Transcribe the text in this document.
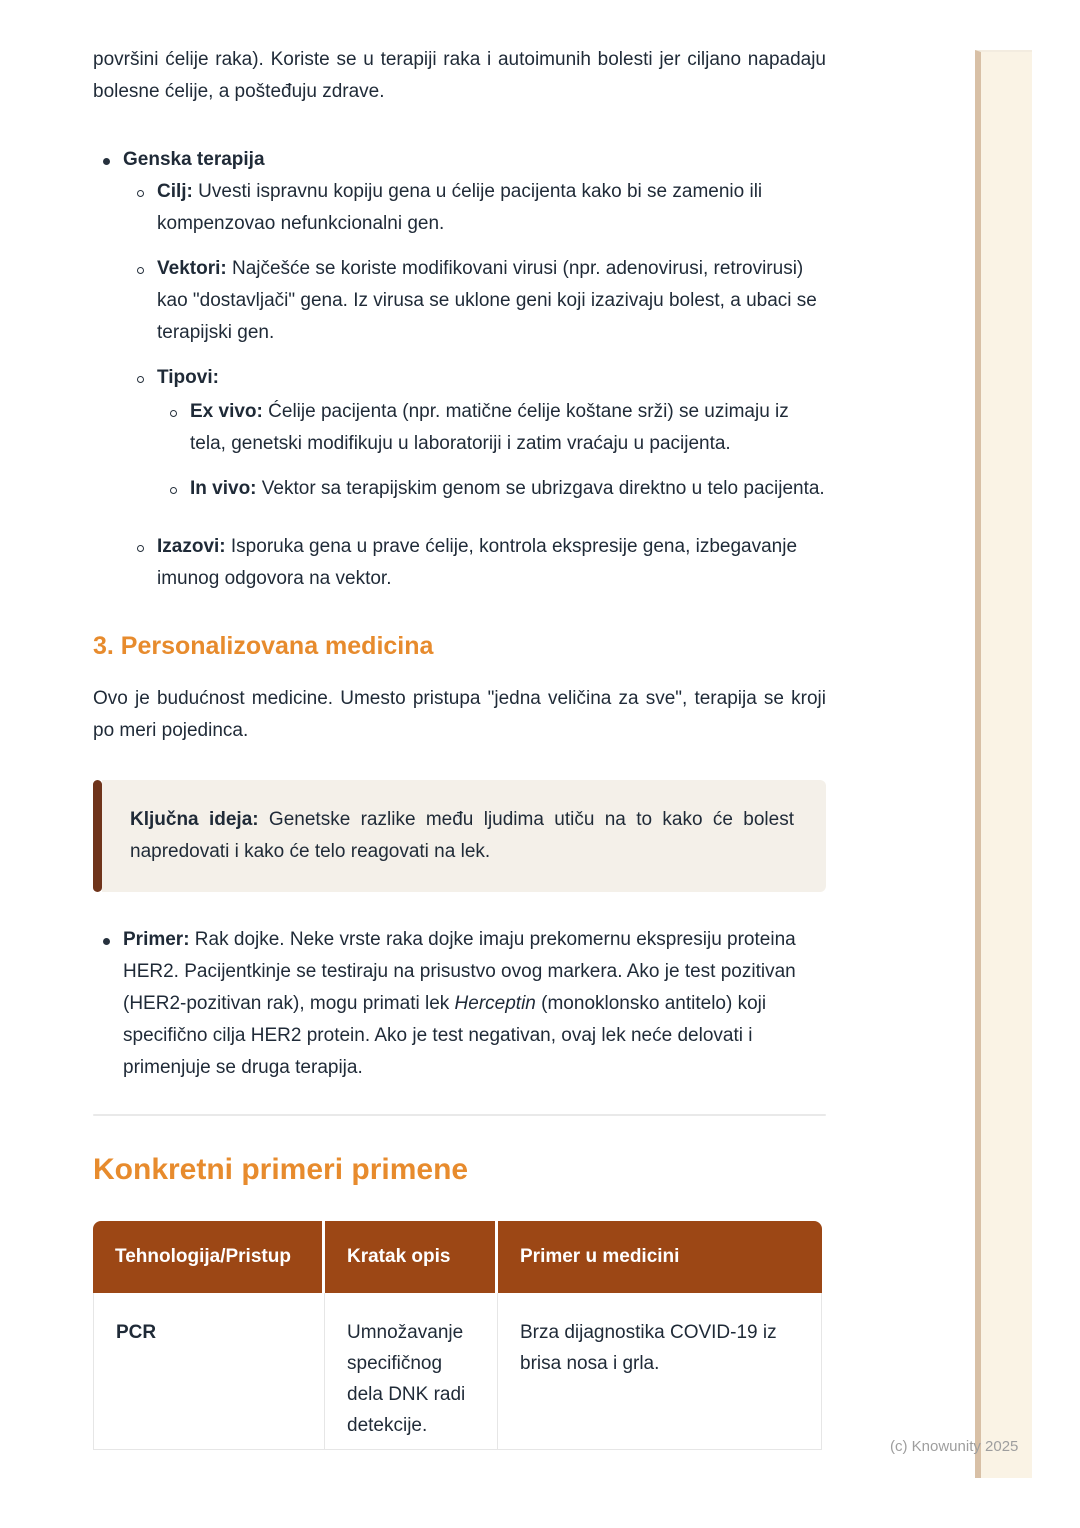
(c) Knowunity 2025

površini ćelije raka). Koriste se u terapiji raka i autoimunih bolesti jer ciljano napadaju bolesne ćelije, a pošteđuju zdrave.

Genska terapija
Cilj: Uvesti ispravnu kopiju gena u ćelije pacijenta kako bi se zamenio ili kompenzovao nefunkcionalni gen.
Vektori: Najčešće se koriste modifikovani virusi (npr. adenovirusi, retrovirusi) kao "dostavljači" gena. Iz virusa se uklone geni koji izazivaju bolest, a ubaci se terapijski gen.
Tipovi:
Ex vivo: Ćelije pacijenta (npr. matične ćelije koštane srži) se uzimaju iz tela, genetski modifikuju u laboratoriji i zatim vraćaju u pacijenta.
In vivo: Vektor sa terapijskim genom se ubrizgava direktno u telo pacijenta.
Izazovi: Isporuka gena u prave ćelije, kontrola ekspresije gena, izbegavanje imunog odgovora na vektor.
3. Personalizovana medicina

Ovo je budućnost medicine. Umesto pristupa "jedna veličina za sve", terapija se kroji po meri pojedinca.

Ključna ideja: Genetske razlike među ljudima utiču na to kako će bolest napredovati i kako će telo reagovati na lek.
Primer: Rak dojke. Neke vrste raka dojke imaju prekomernu ekspresiju proteina HER2. Pacijentkinje se testiraju na prisustvo ovog markera. Ako je test pozitivan (HER2-pozitivan rak), mogu primati lek Herceptin (monoklonsko antitelo) koji specifično cilja HER2 protein. Ako je test negativan, ovaj lek neće delovati i primenjuje se druga terapija.
Konkretni primeri primene
Tehnologija/Pristup	Kratak opis	Primer u medicini
PCR	Umnožavanje specifičnog dela DNK radi detekcije.	Brza dijagnostika COVID-19 iz brisa nosa i grla.
